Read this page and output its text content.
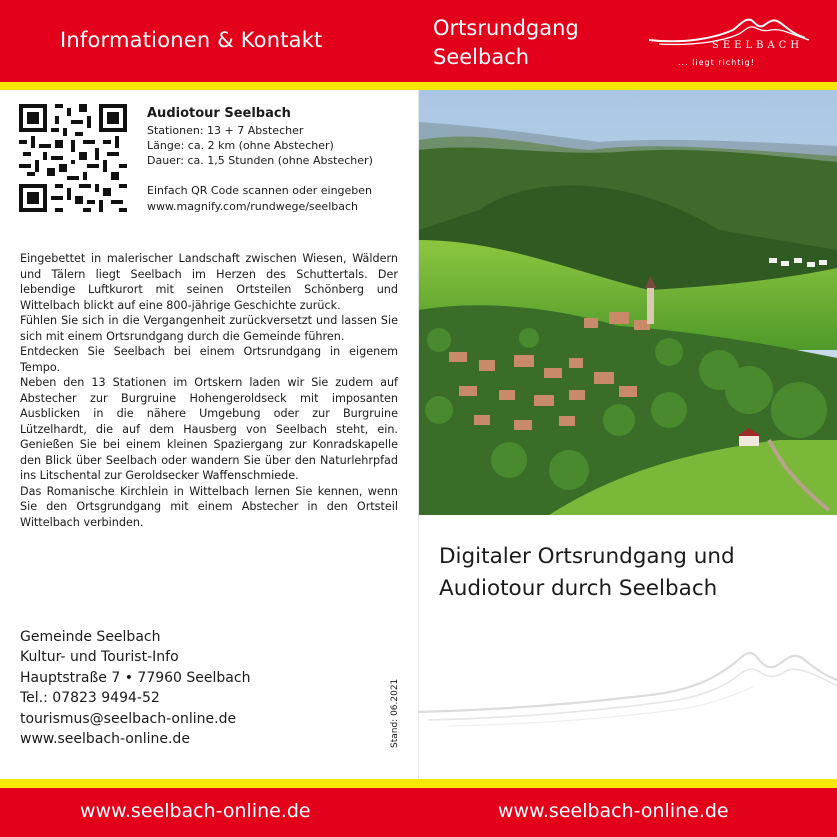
Informationen & Kontakt	Ortsrundgang
Seelbach	SEELBACH
... liegt richtig!
Audiotour Seelbach
Stationen: 13 + 7 Abstecher
Länge: ca. 2 km (ohne Abstecher)
Dauer: ca. 1,5 Stunden (ohne Abstecher)
Einfach QR Code scannen oder eingeben
www.magnify.com/rundwege/seelbach

Eingebettet in malerischer Landschaft zwischen Wiesen, Wäldern und Tälern liegt Seelbach im Herzen des Schuttertals. Der lebendige Luftkurort mit seinen Ortsteilen Schönberg und Wittelbach blickt auf eine 800-jährige Geschichte zurück.

Fühlen Sie sich in die Vergangenheit zurückversetzt und lassen Sie sich mit einem Ortsrundgang durch die Gemeinde führen.

Entdecken Sie Seelbach bei einem Ortsrundgang in eigenem Tempo.

Neben den 13 Stationen im Ortskern laden wir Sie zudem auf Abstecher zur Burgruine Hohengeroldseck mit imposanten Ausblicken in die nähere Umgebung oder zur Burgruine Lützelhardt, die auf dem Hausberg von Seelbach steht, ein. Genießen Sie bei einem kleinen Spaziergang zur Konradskapelle den Blick über Seelbach oder wandern Sie über den Naturlehrpfad ins Litschental zur Geroldsecker Waffenschmiede.

Das Romanische Kirchlein in Wittelbach lernen Sie kennen, wenn Sie den Ortsgrundgang mit einem Abstecher in den Ortsteil Wittelbach verbinden.

Gemeinde Seelbach
Kultur- und Tourist-Info
Hauptstraße 7 • 77960 Seelbach
Tel.: 07823 9494-52
tourismus@seelbach-online.de
www.seelbach-online.de	Stand: 06.2021
Digitaler Ortsrundgang und
Audiotour durch Seelbach
www.seelbach-online.de	www.seelbach-online.de
